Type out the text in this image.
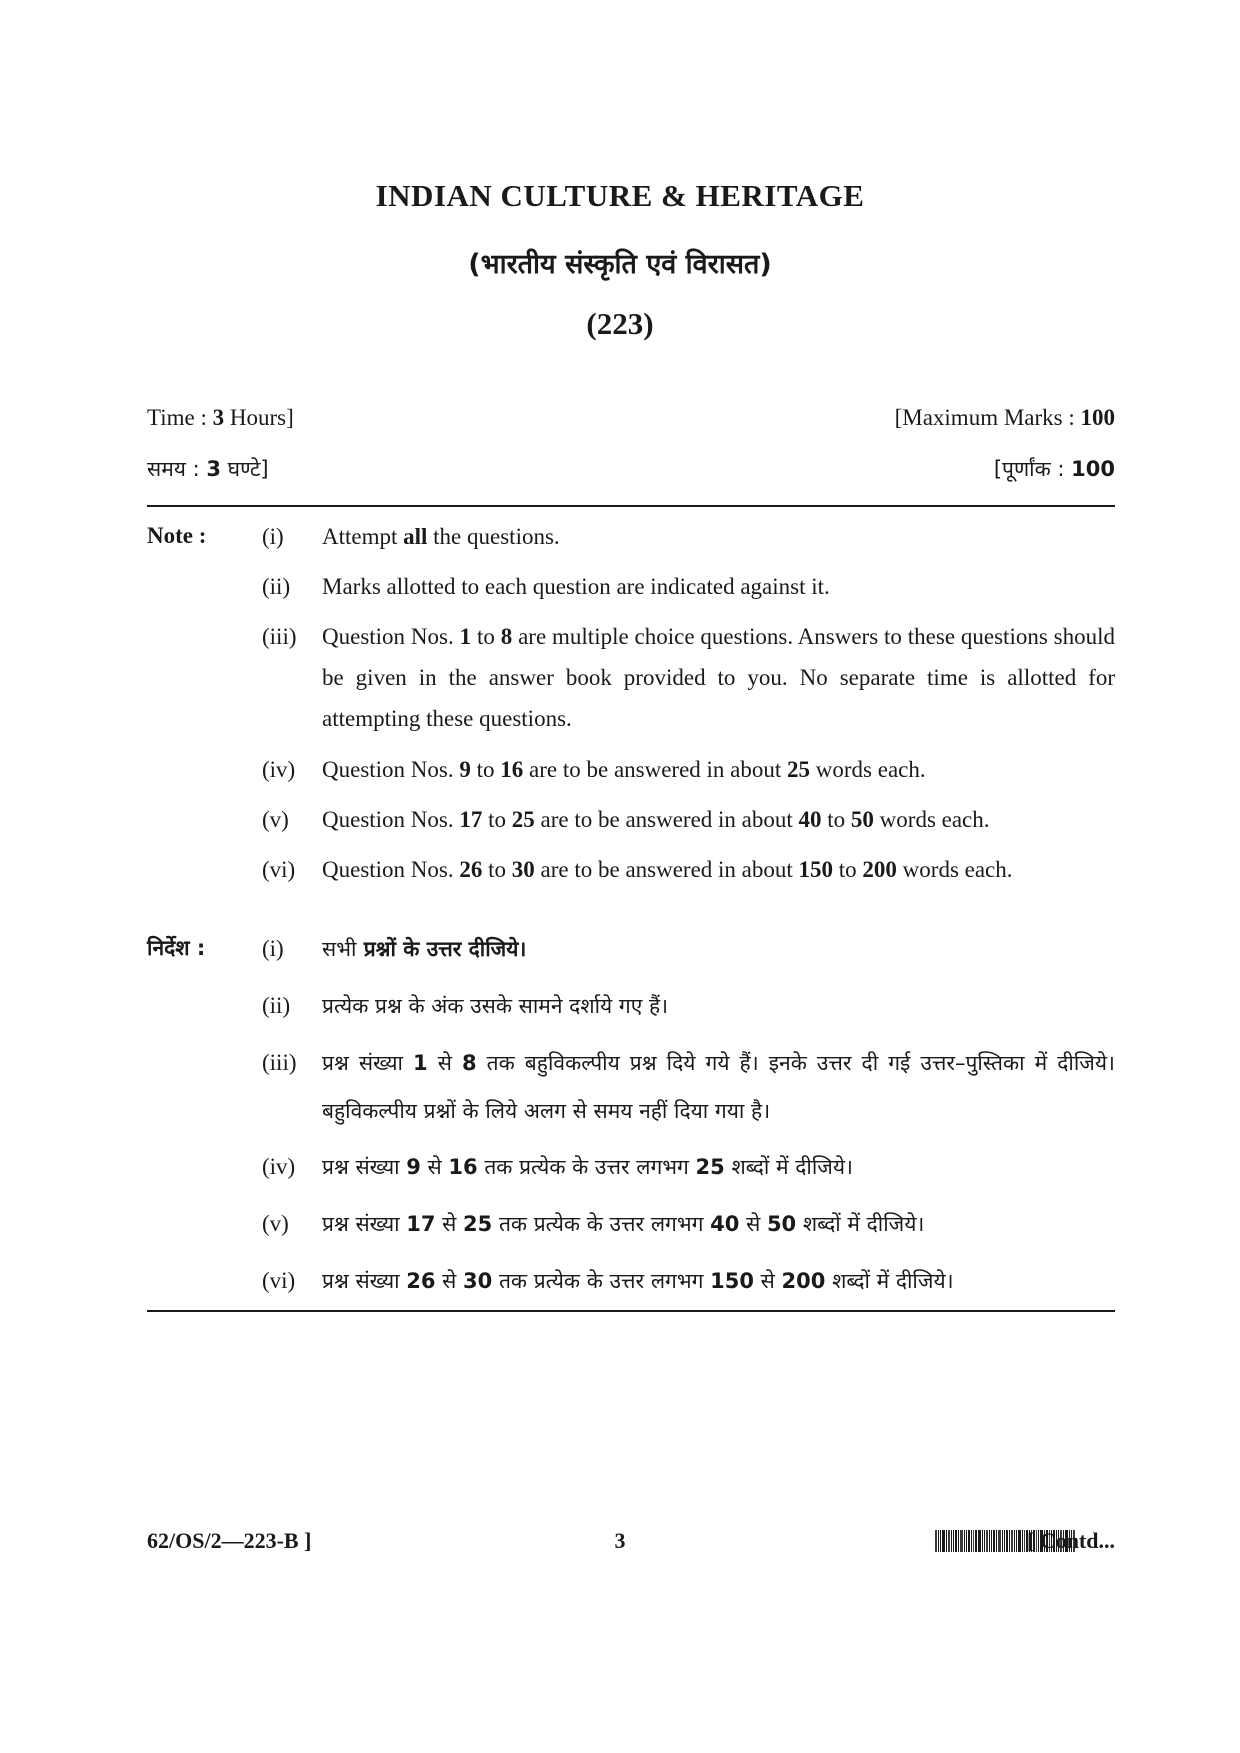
INDIAN CULTURE & HERITAGE
(भारतीय संस्कृति एवं विरासत)
(223)
Time : 3 Hours]	[Maximum Marks : 100
समय : 3 घण्टे]	[पूर्णांक : 100
Note : (i)	Attempt all the questions.
(ii)	Marks allotted to each question are indicated against it.
(iii)	Question Nos. 1 to 8 are multiple choice questions. Answers to these questions should be given in the answer book provided to you. No separate time is allotted for attempting these questions.
(iv)	Question Nos. 9 to 16 are to be answered in about 25 words each.
(v)	Question Nos. 17 to 25 are to be answered in about 40 to 50 words each.
(vi)	Question Nos. 26 to 30 are to be answered in about 150 to 200 words each.
निर्देश : (i)	सभी प्रश्नों के उत्तर दीजिये।
(ii)	प्रत्येक प्रश्न के अंक उसके सामने दर्शाये गए हैं।
(iii)	प्रश्न संख्या 1 से 8 तक बहुविकल्पीय प्रश्न दिये गये हैं। इनके उत्तर दी गई उत्तर–पुस्तिका में दीजिये। बहुविकल्पीय प्रश्नों के लिये अलग से समय नहीं दिया गया है।
(iv)	प्रश्न संख्या 9 से 16 तक प्रत्येक के उत्तर लगभग 25 शब्दों में दीजिये।
(v)	प्रश्न संख्या 17 से 25 तक प्रत्येक के उत्तर लगभग 40 से 50 शब्दों में दीजिये।
(vi)	प्रश्न संख्या 26 से 30 तक प्रत्येक के उत्तर लगभग 150 से 200 शब्दों में दीजिये।
62/OS/2—223-B ]	3	[ Contd...
